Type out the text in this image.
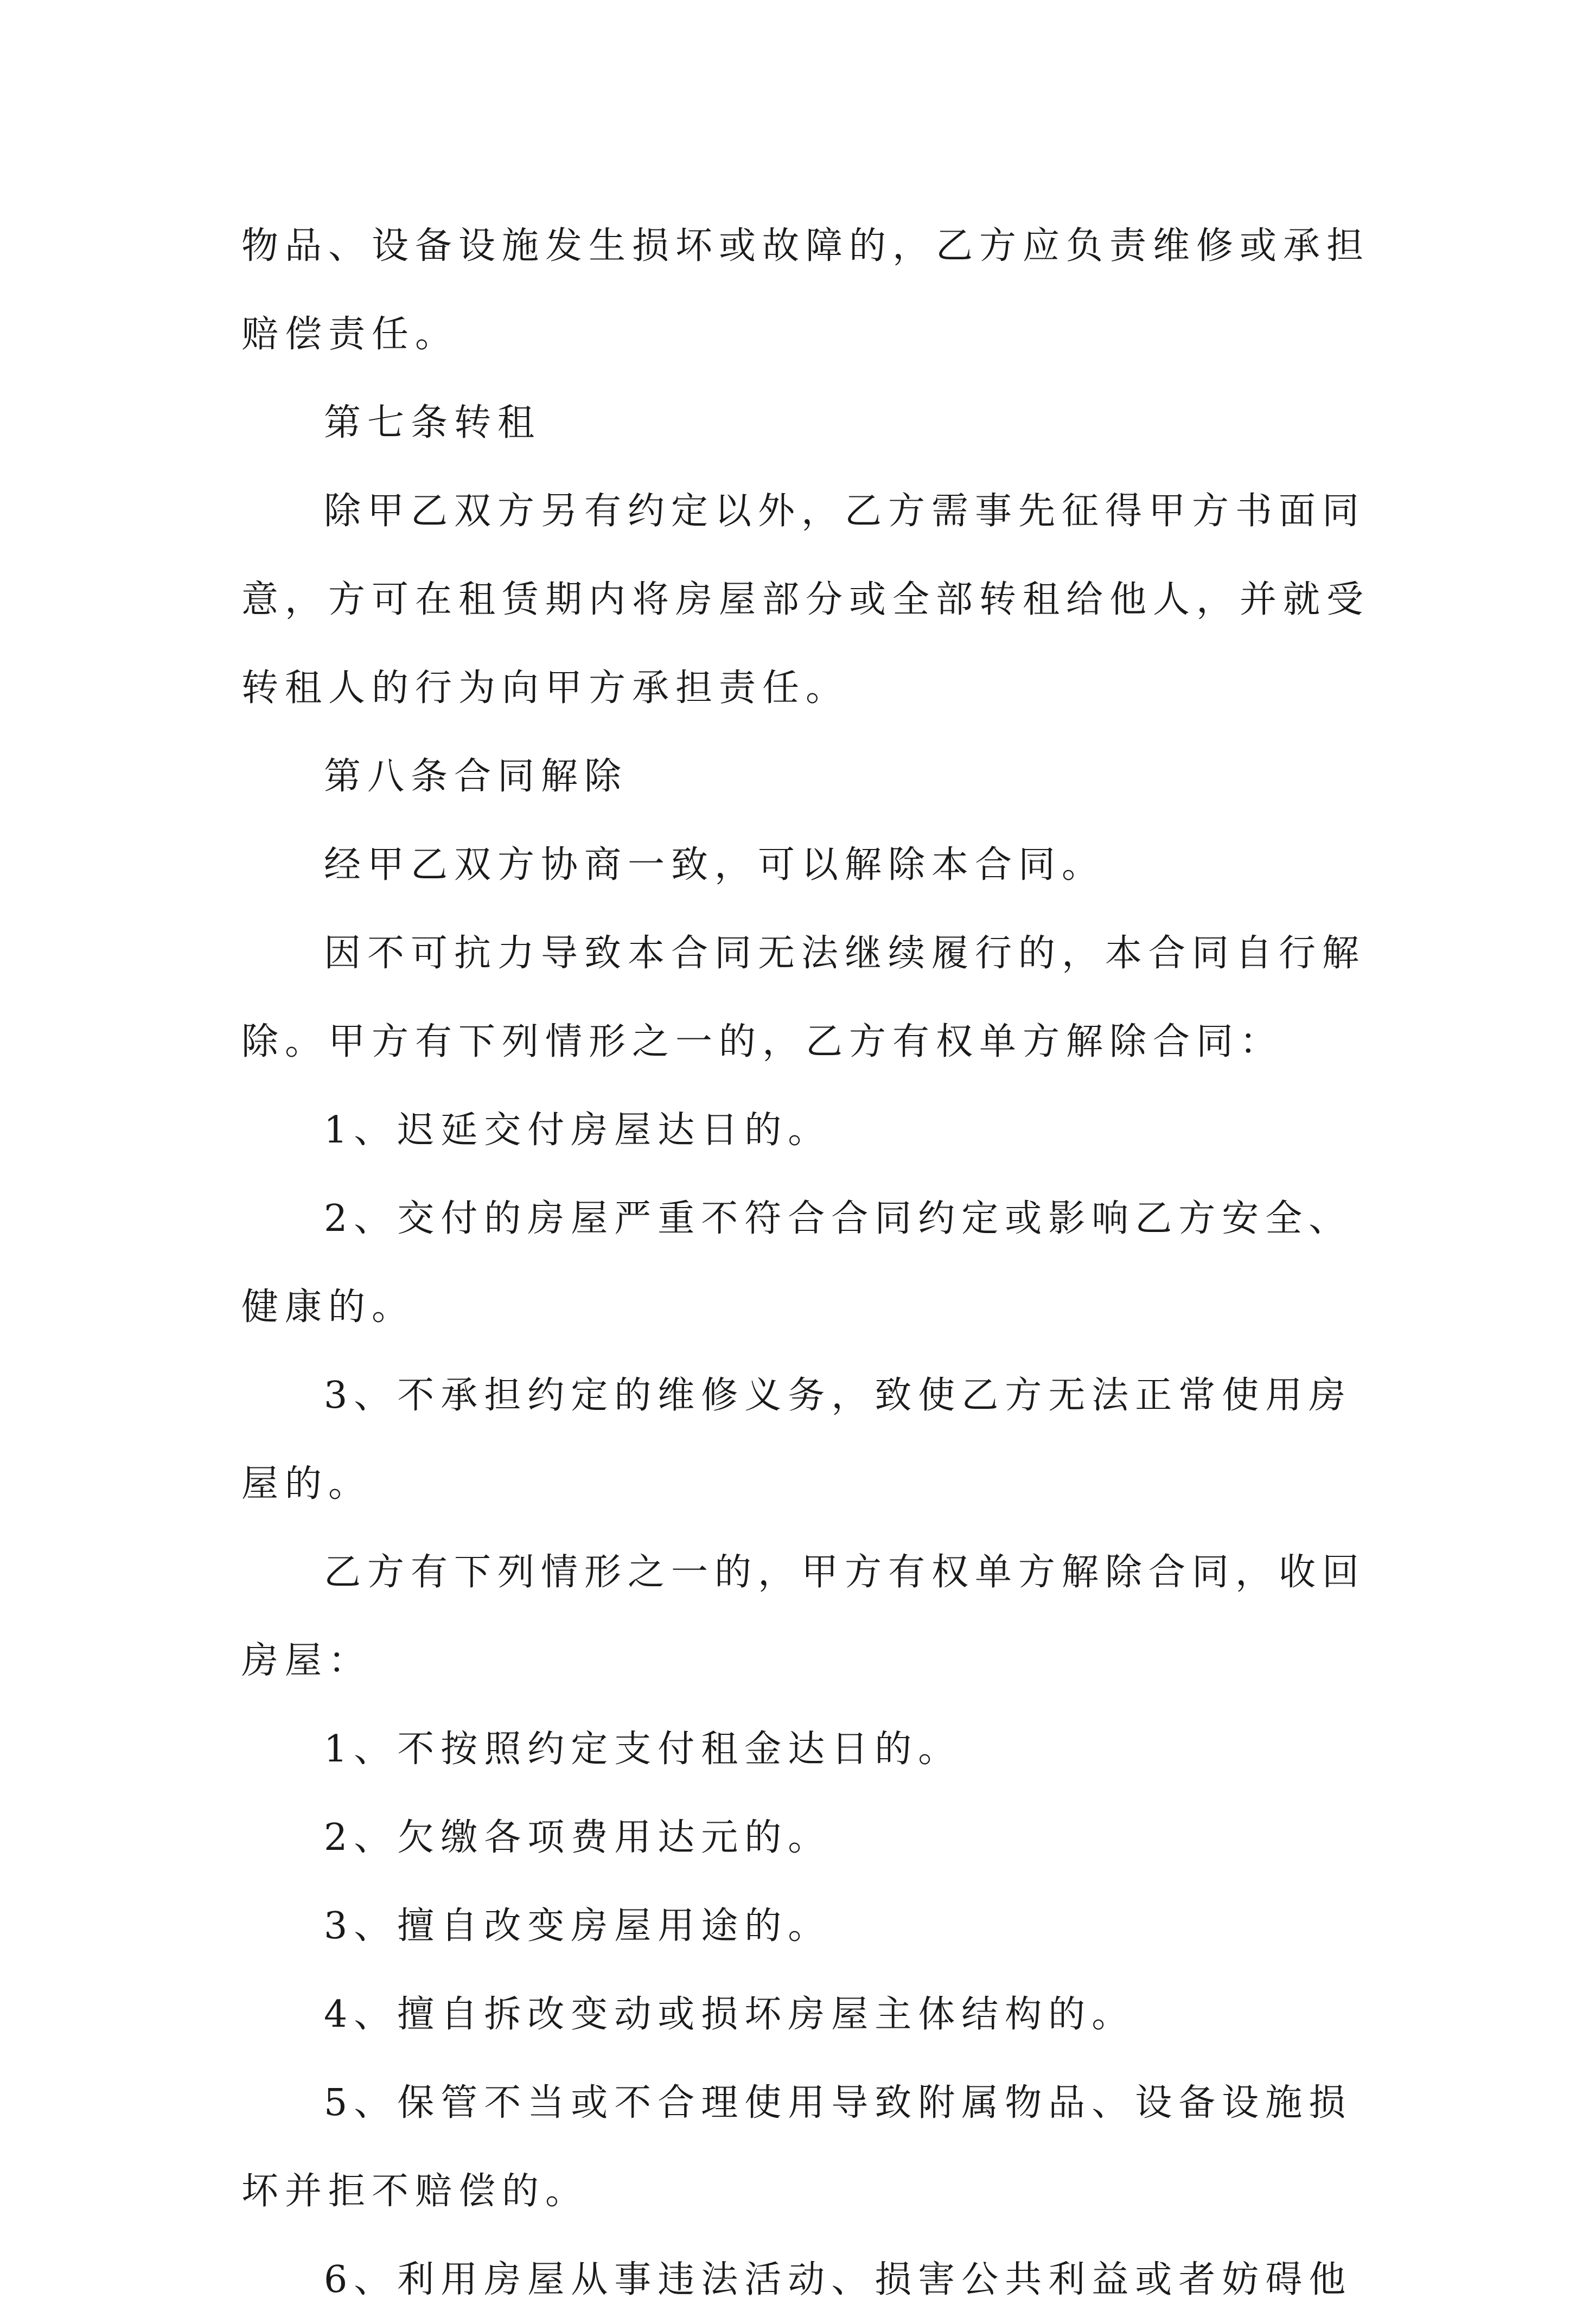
物品、设备设施发生损坏或故障的，乙方应负责维修或承担
赔偿责任。
第七条转租
除甲乙双方另有约定以外，乙方需事先征得甲方书面同
意，方可在租赁期内将房屋部分或全部转租给他人，并就受
转租人的行为向甲方承担责任。
第八条合同解除
经甲乙双方协商一致，可以解除本合同。
因不可抗力导致本合同无法继续履行的，本合同自行解
除。甲方有下列情形之一的，乙方有权单方解除合同：
1、迟延交付房屋达日的。
2、交付的房屋严重不符合合同约定或影响乙方安全、
健康的。
3、不承担约定的维修义务，致使乙方无法正常使用房
屋的。
乙方有下列情形之一的，甲方有权单方解除合同，收回
房屋：
1、不按照约定支付租金达日的。
2、欠缴各项费用达元的。
3、擅自改变房屋用途的。
4、擅自拆改变动或损坏房屋主体结构的。
5、保管不当或不合理使用导致附属物品、设备设施损
坏并拒不赔偿的。
6、利用房屋从事违法活动、损害公共利益或者妨碍他
